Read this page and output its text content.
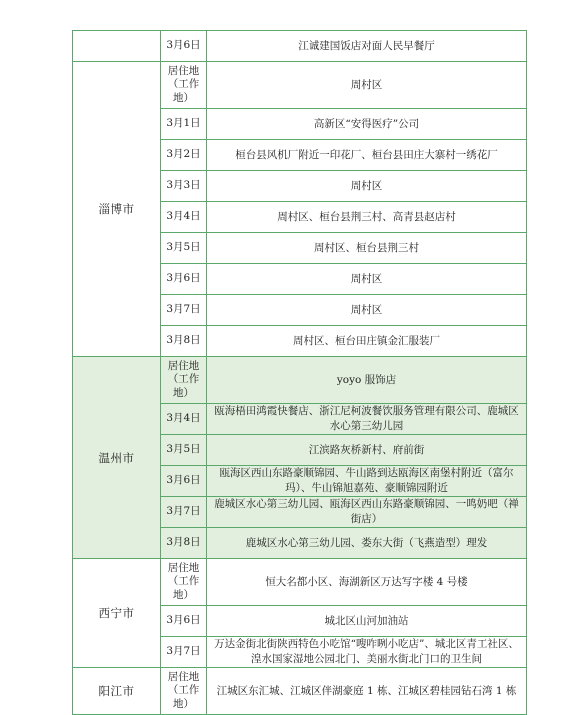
	3月6日	江诚建国饭店对面人民早餐厅
淄博市	居住地（工作地）	周村区
	3月1日	高新区“安得医疗”公司
	3月2日	桓台县风机厂附近一印花厂、桓台县田庄大寨村一绣花厂
	3月3日	周村区
	3月4日	周村区、桓台县荆三村、高青县赵店村
	3月5日	周村区、桓台县荆三村
	3月6日	周村区
	3月7日	周村区
	3月8日	周村区、桓台田庄镇金汇服装厂
温州市	居住地（工作地）	yoyo 服饰店
	3月4日	瓯海梧田鸿霞快餐店、浙江尼柯波餐饮服务管理有限公司、鹿城区水心第三幼儿园
	3月5日	江滨路灰桥新村、府前街
	3月6日	瓯海区西山东路豪顺锦园、牛山路到达瓯海区南堡村附近（富尔玛）、牛山锦旭嘉苑、豪顺锦园附近
	3月7日	鹿城区水心第三幼儿园、瓯海区西山东路豪顺锦园、一鸣奶吧（禅街店）
	3月8日	鹿城区水心第三幼儿园、娄东大街（飞燕造型）理发
西宁市	居住地（工作地）	恒大名都小区、海湖新区万达写字楼 4 号楼
	3月6日	城北区山河加油站
	3月7日	万达金街北街陕西特色小吃馆“嗖咋咧小吃店”、城北区青工社区、湟水国家湿地公园北门、美丽水街北门口的卫生间
阳江市	居住地（工作地）	江城区东汇城、江城区伴湖豪庭 1 栋、江城区碧桂园钻石湾 1 栋
